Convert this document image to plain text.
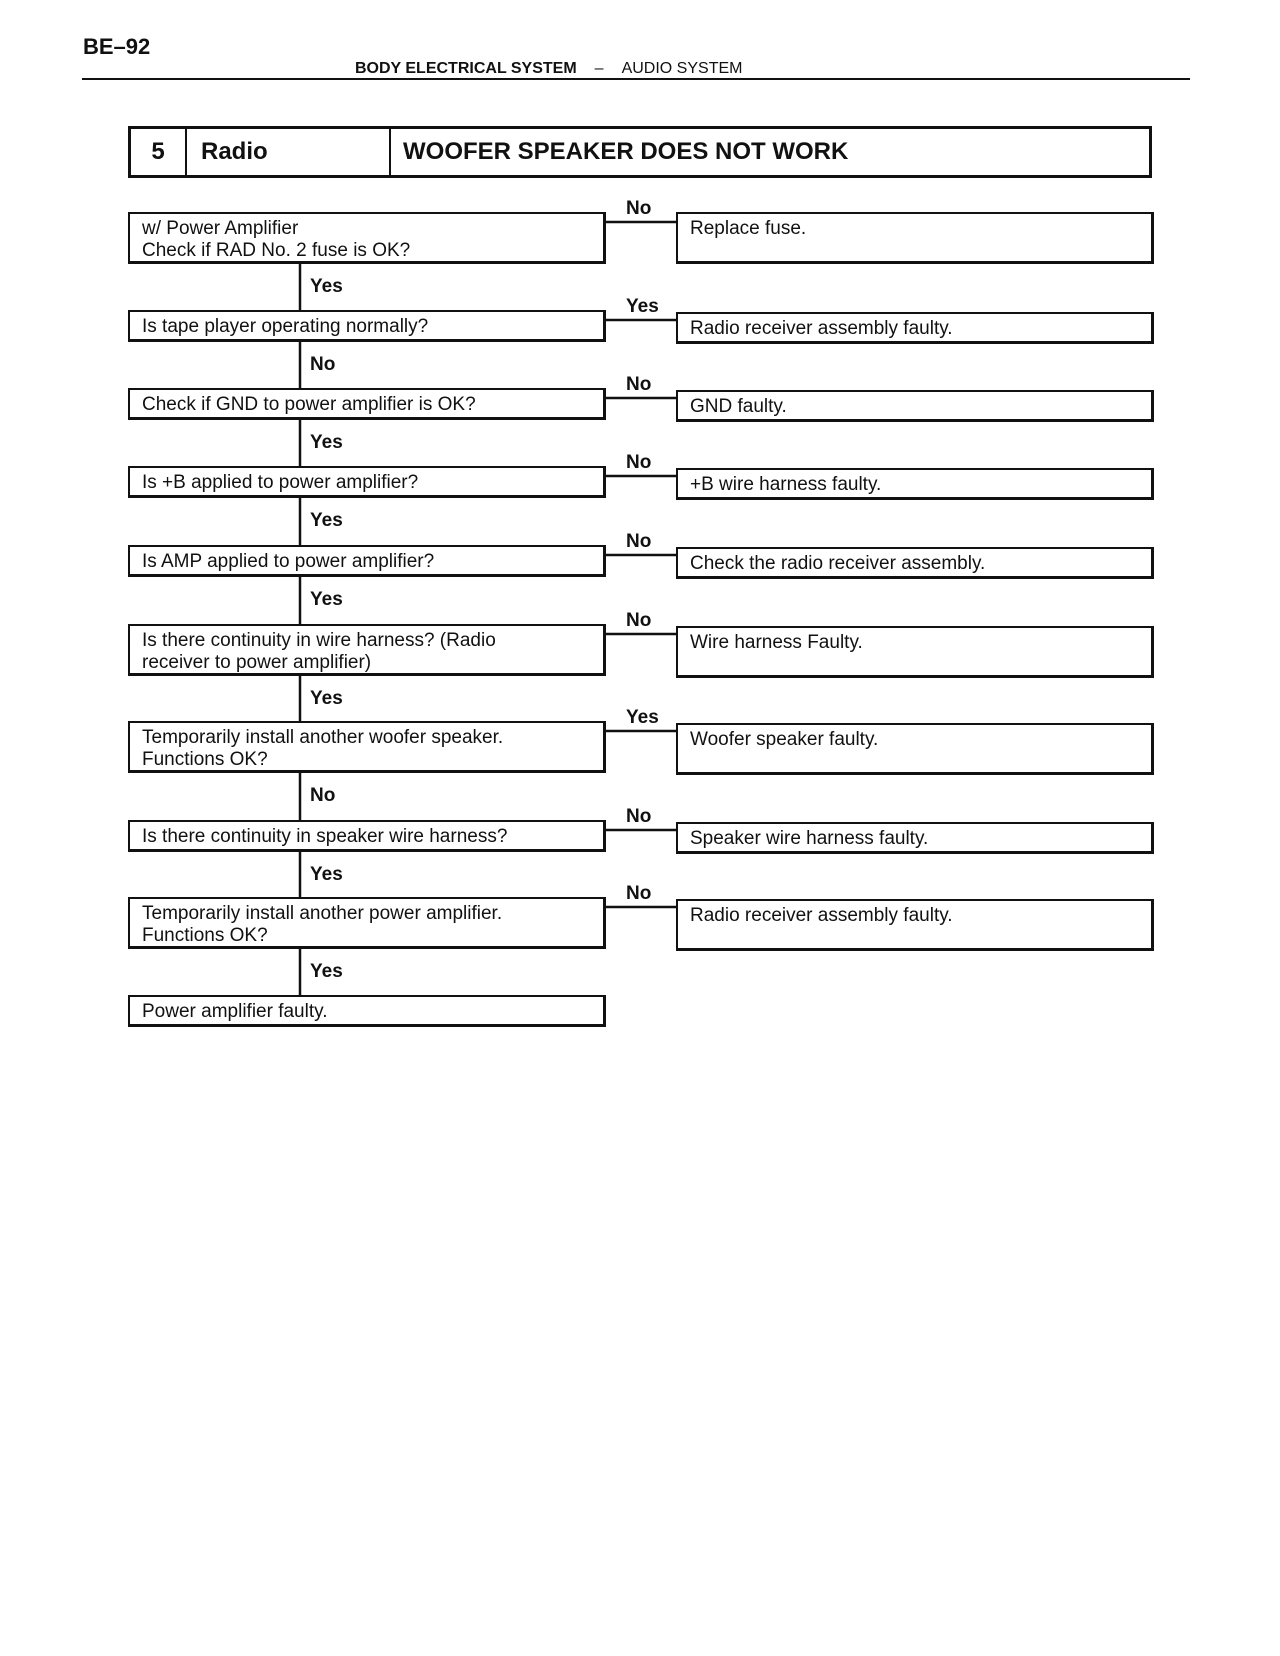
BE–92
BODY ELECTRICAL SYSTEM – AUDIO SYSTEM
5	Radio	WOOFER SPEAKER DOES NOT WORK
w/ Power Amplifier
Check if RAD No. 2 fuse is OK?
Replace fuse.
No
Yes
Is tape player operating normally?	Radio receiver assembly faulty.
Yes
No
Check if GND to power amplifier is OK?	GND faulty.
No
Yes
Is +B applied to power amplifier?	+B wire harness faulty.
No
Yes
Is AMP applied to power amplifier?	Check the radio receiver assembly.
No
Yes
Is there continuity in wire harness? (Radio
receiver to power amplifier)
Wire harness Faulty.
No
Yes
Temporarily install another woofer speaker.
Functions OK?
Woofer speaker faulty.
Yes
No
Is there continuity in speaker wire harness?	Speaker wire harness faulty.
No
Yes
Temporarily install another power amplifier.
Functions OK?
Radio receiver assembly faulty.
No
Yes
Power amplifier faulty.
